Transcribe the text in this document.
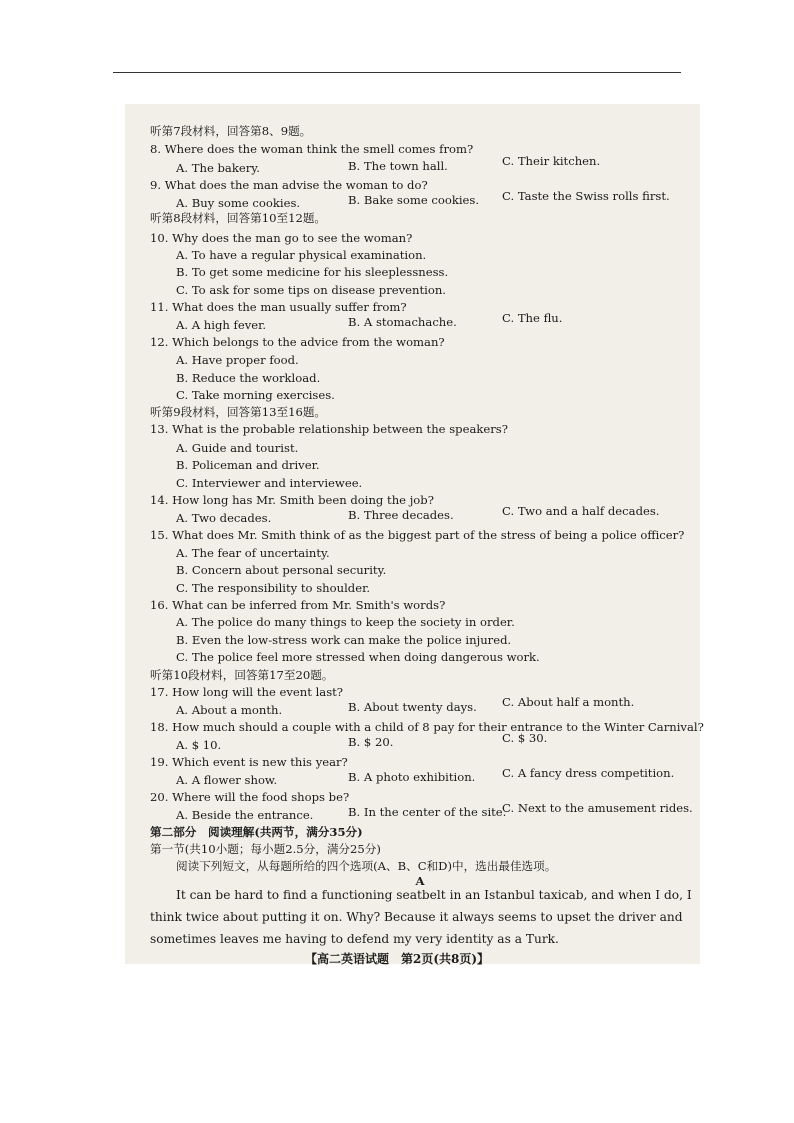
听第7段材料，回答第8、9题。
8. Where does the woman think the smell comes from?
A. The bakery.	B. The town hall.	C. Their kitchen.
9. What does the man advise the woman to do?
A. Buy some cookies.	B. Bake some cookies. C. Taste the Swiss rolls first.
听第8段材料，回答第10至12题。
10. Why does the man go to see the woman?
A. To have a regular physical examination.
B. To get some medicine for his sleeplessness.
C. To ask for some tips on disease prevention.
11. What does the man usually suffer from?
A. A high fever.	B. A stomachache.	C. The flu.
12. Which belongs to the advice from the woman?
A. Have proper food.
B. Reduce the workload.
C. Take morning exercises.
听第9段材料，回答第13至16题。
13. What is the probable relationship between the speakers?
A. Guide and tourist.
B. Policeman and driver.
C. Interviewer and interviewee.
14. How long has Mr. Smith been doing the job?
A. Two decades.	B. Three decades.	C. Two and a half decades.
15. What does Mr. Smith think of as the biggest part of the stress of being a police officer?
A. The fear of uncertainty.
B. Concern about personal security.
C. The responsibility to shoulder.
16. What can be inferred from Mr. Smith's words?
A. The police do many things to keep the society in order.
B. Even the low-stress work can make the police injured.
C. The police feel more stressed when doing dangerous work.
听第10段材料，回答第17至20题。
17. How long will the event last?
A. About a month.	B. About twenty days. C. About half a month.
18. How much should a couple with a child of 8 pay for their entrance to the Winter Carnival?
A. $ 10.	B. $ 20.	C. $ 30.
19. Which event is new this year?
A. A flower show.	B. A photo exhibition. C. A fancy dress competition.
20. Where will the food shops be?
A. Beside the entrance.	B. In the center of the site.
C. Next to the amusement rides.
第二部分　阅读理解(共两节，满分35分)
第一节(共10小题；每小题2.5分，满分25分)
阅读下列短文，从每题所给的四个选项(A、B、C和D)中，选出最佳选项。
A
It can be hard to find a functioning seatbelt in an Istanbul taxicab, and when I do, I think twice about putting it on. Why? Because it always seems to upset the driver and sometimes leaves me having to defend my very identity as a Turk.
【高二英语试题　第2页(共8页)】
